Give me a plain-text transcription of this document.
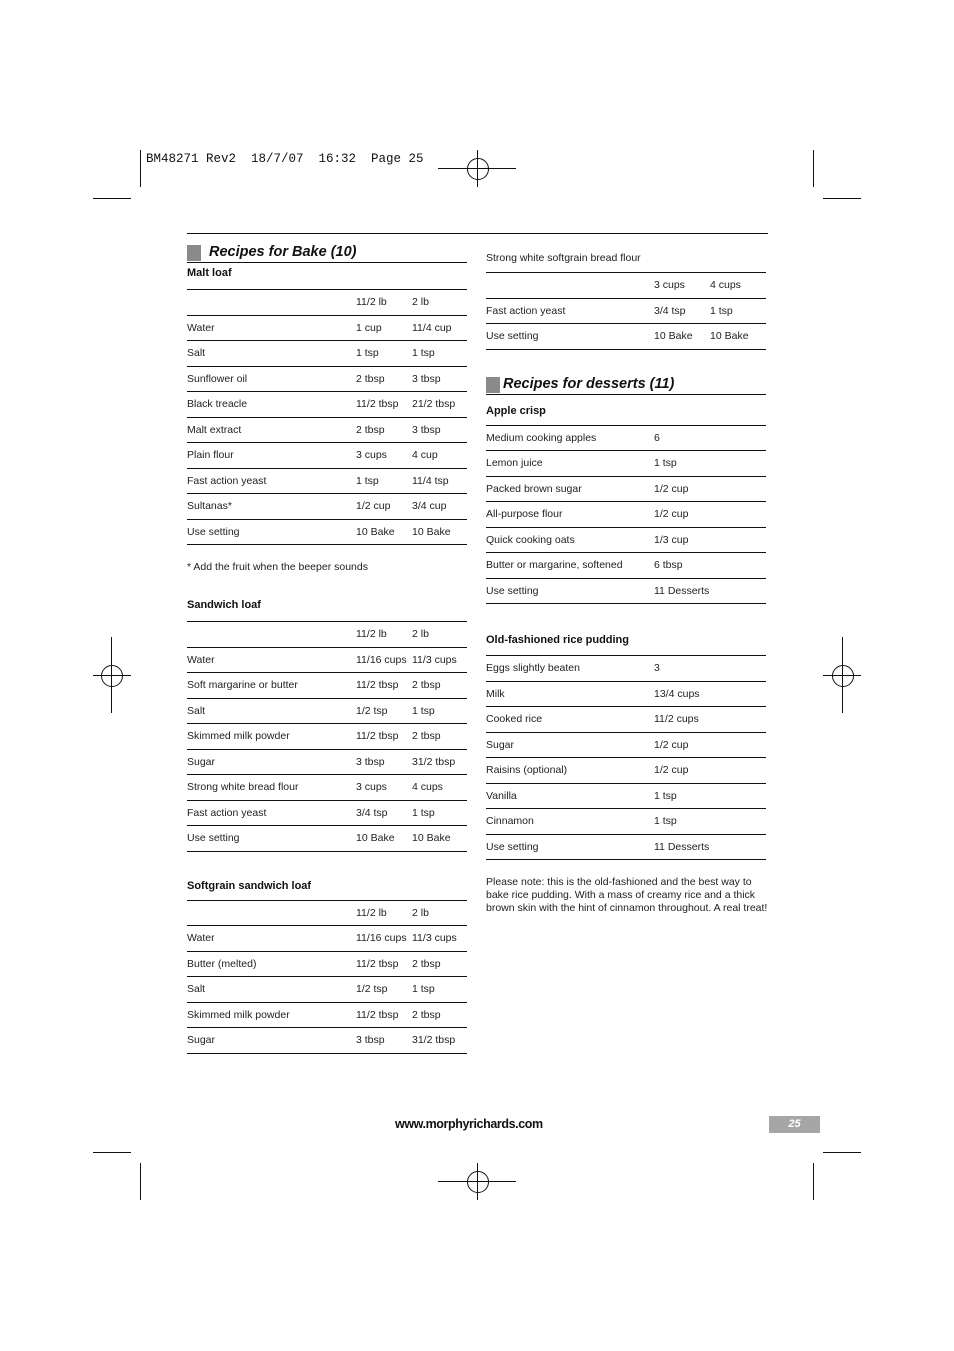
BM48271 Rev2  18/7/07  16:32  Page 25
Recipes for Bake (10)
Malt loaf
	11/2 lb	2 lb
Water	1 cup	11/4 cup
Salt	1 tsp	1 tsp
Sunflower oil	2 tbsp	3 tbsp
Black treacle	11/2 tbsp	21/2 tbsp
Malt extract	2 tbsp	3 tbsp
Plain flour	3 cups	4 cup
Fast action yeast	1 tsp	11/4 tsp
Sultanas*	1/2 cup	3/4 cup
Use setting	10 Bake	10 Bake
* Add the fruit when the beeper sounds
Sandwich loaf
	11/2 lb	2 lb
Water	11/16 cups	11/3 cups
Soft margarine or butter	11/2 tbsp	2 tbsp
Salt	1/2 tsp	1 tsp
Skimmed milk powder	11/2 tbsp	2 tbsp
Sugar	3 tbsp	31/2 tbsp
Strong white bread flour	3 cups	4 cups
Fast action yeast	3/4 tsp	1 tsp
Use setting	10 Bake	10 Bake
Softgrain sandwich loaf
	11/2 lb	2 lb
Water	11/16 cups	11/3 cups
Butter (melted)	11/2 tbsp	2 tbsp
Salt	1/2 tsp	1 tsp
Skimmed milk powder	11/2 tbsp	2 tbsp
Sugar	3 tbsp	31/2 tbsp
Strong white softgrain bread flour
	3 cups	4 cups
Fast action yeast	3/4 tsp	1 tsp
Use setting	10 Bake	10 Bake
Recipes for desserts (11)
Apple crisp
Medium cooking apples	6
Lemon juice	1 tsp
Packed brown sugar	1/2 cup
All-purpose flour	1/2 cup
Quick cooking oats	1/3 cup
Butter or margarine, softened	6 tbsp
Use setting	11 Desserts
Old-fashioned rice pudding
Eggs slightly beaten	3
Milk	13/4 cups
Cooked rice	11/2 cups
Sugar	1/2 cup
Raisins (optional)	1/2 cup
Vanilla	1 tsp
Cinnamon	1 tsp
Use setting	11 Desserts
Please note: this is the old-fashioned and the best way to bake rice pudding. With a mass of creamy rice and a thick brown skin with the hint of cinnamon throughout. A real treat!
www.morphyrichards.com	25
